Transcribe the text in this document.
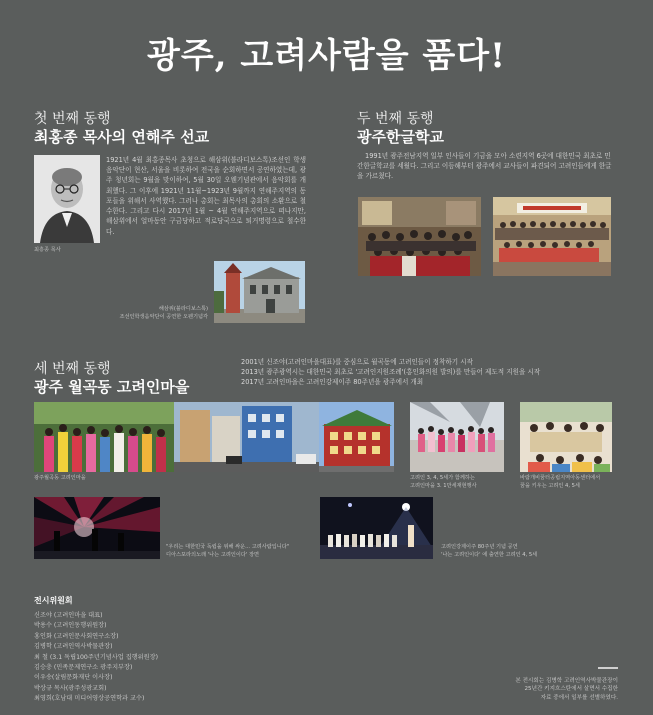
광주, 고려사람을 품다!
첫 번째 동행
최홍종 목사의 연해주 선교
최흥종 목사
1921년 4월 최홍종목사 초청으로 해삼위(블라디보스톡)조선인 학생 음악단이 현산, 서울을 비롯하여 전국을 순회하면서 공연하였는데, 광주 청년회는 9월을 맞이하여, 5월 30일 오웬기념관에서 음악회를 개최했다. 그 이후에 1921년 11월~1923년 9월까지 연해주지역의 동포들을 위해서 사역했다. 그러나 총회는 최목사의 총회의 소환으로 철수한다. 그리고 다시 2017년 1월 ~ 4월 연해주지역으로 떠나지만, 해삼위에서 얼마동안 구금당하고 적로당국으로 퇴거명령으로 철수한다.
해삼위(블라디보스톡)
조선인학생음악단이 공연한 오웬기념각
두 번째 동행
광주한글학교
1991년 광주전남지역 일부 인사들이 기금을 모아 소련지역 6곳에 대한민국 최초로 민간한글학교를 세웠다. 그리고 이듬해부터 광주에서 교사들이 파견되어 고려인들에게 한글을 가르쳤다.
세 번째 동행
광주 월곡동 고려인마을
2001년 신조야(고려인마을대표)를 중심으로 월곡동에 고려인들이 정착하기 시작
2013년 광주광역시는 대한민국 최초로 '고려인지원조례'(홍인화의원 발의)를 만들어 제도적 지원을 시작
2017년 고려인마을은 고려인강제이주 80주년을 광주에서 개최
광주월곡동 고려인마을	고려인 3, 4, 5세가 함께하는
고려인마을 3. 1만세재현행사
바람개비꿈터공립지역아동센터에서
꿈을 키우는 고려인 4, 5세
"우리는 대한민국 독립을 위해 싸운... 고려사람입니다"
디아스포라의노래 '나는 고려인이다' 장면
고려인강제이주 80주년 기념 공연
'나는 고려인이다' 에 출연한 고려인 4, 5세
전시위원회
신조야 (고려인마을 대표)
박용수 (고려인동행위원장)
홍인화 (고려인문사회연구소장)
김병학 (고려인역사박물관장)
최 철 (3.1 독립100주년기념사업 집행위원장)
김승충 (민족문제연구소 광주지부장)
이우송(살림문화재단 이사장)
박상규 목사(광주성광교회)
최영희(호남대 미디어영상공연학과 교수)
본 전시회는 김병학 고려인역사박물관장이
25년간 키지흐스탄에서 살면서 수집한
자료 중에서 일부를 선별하였다.
